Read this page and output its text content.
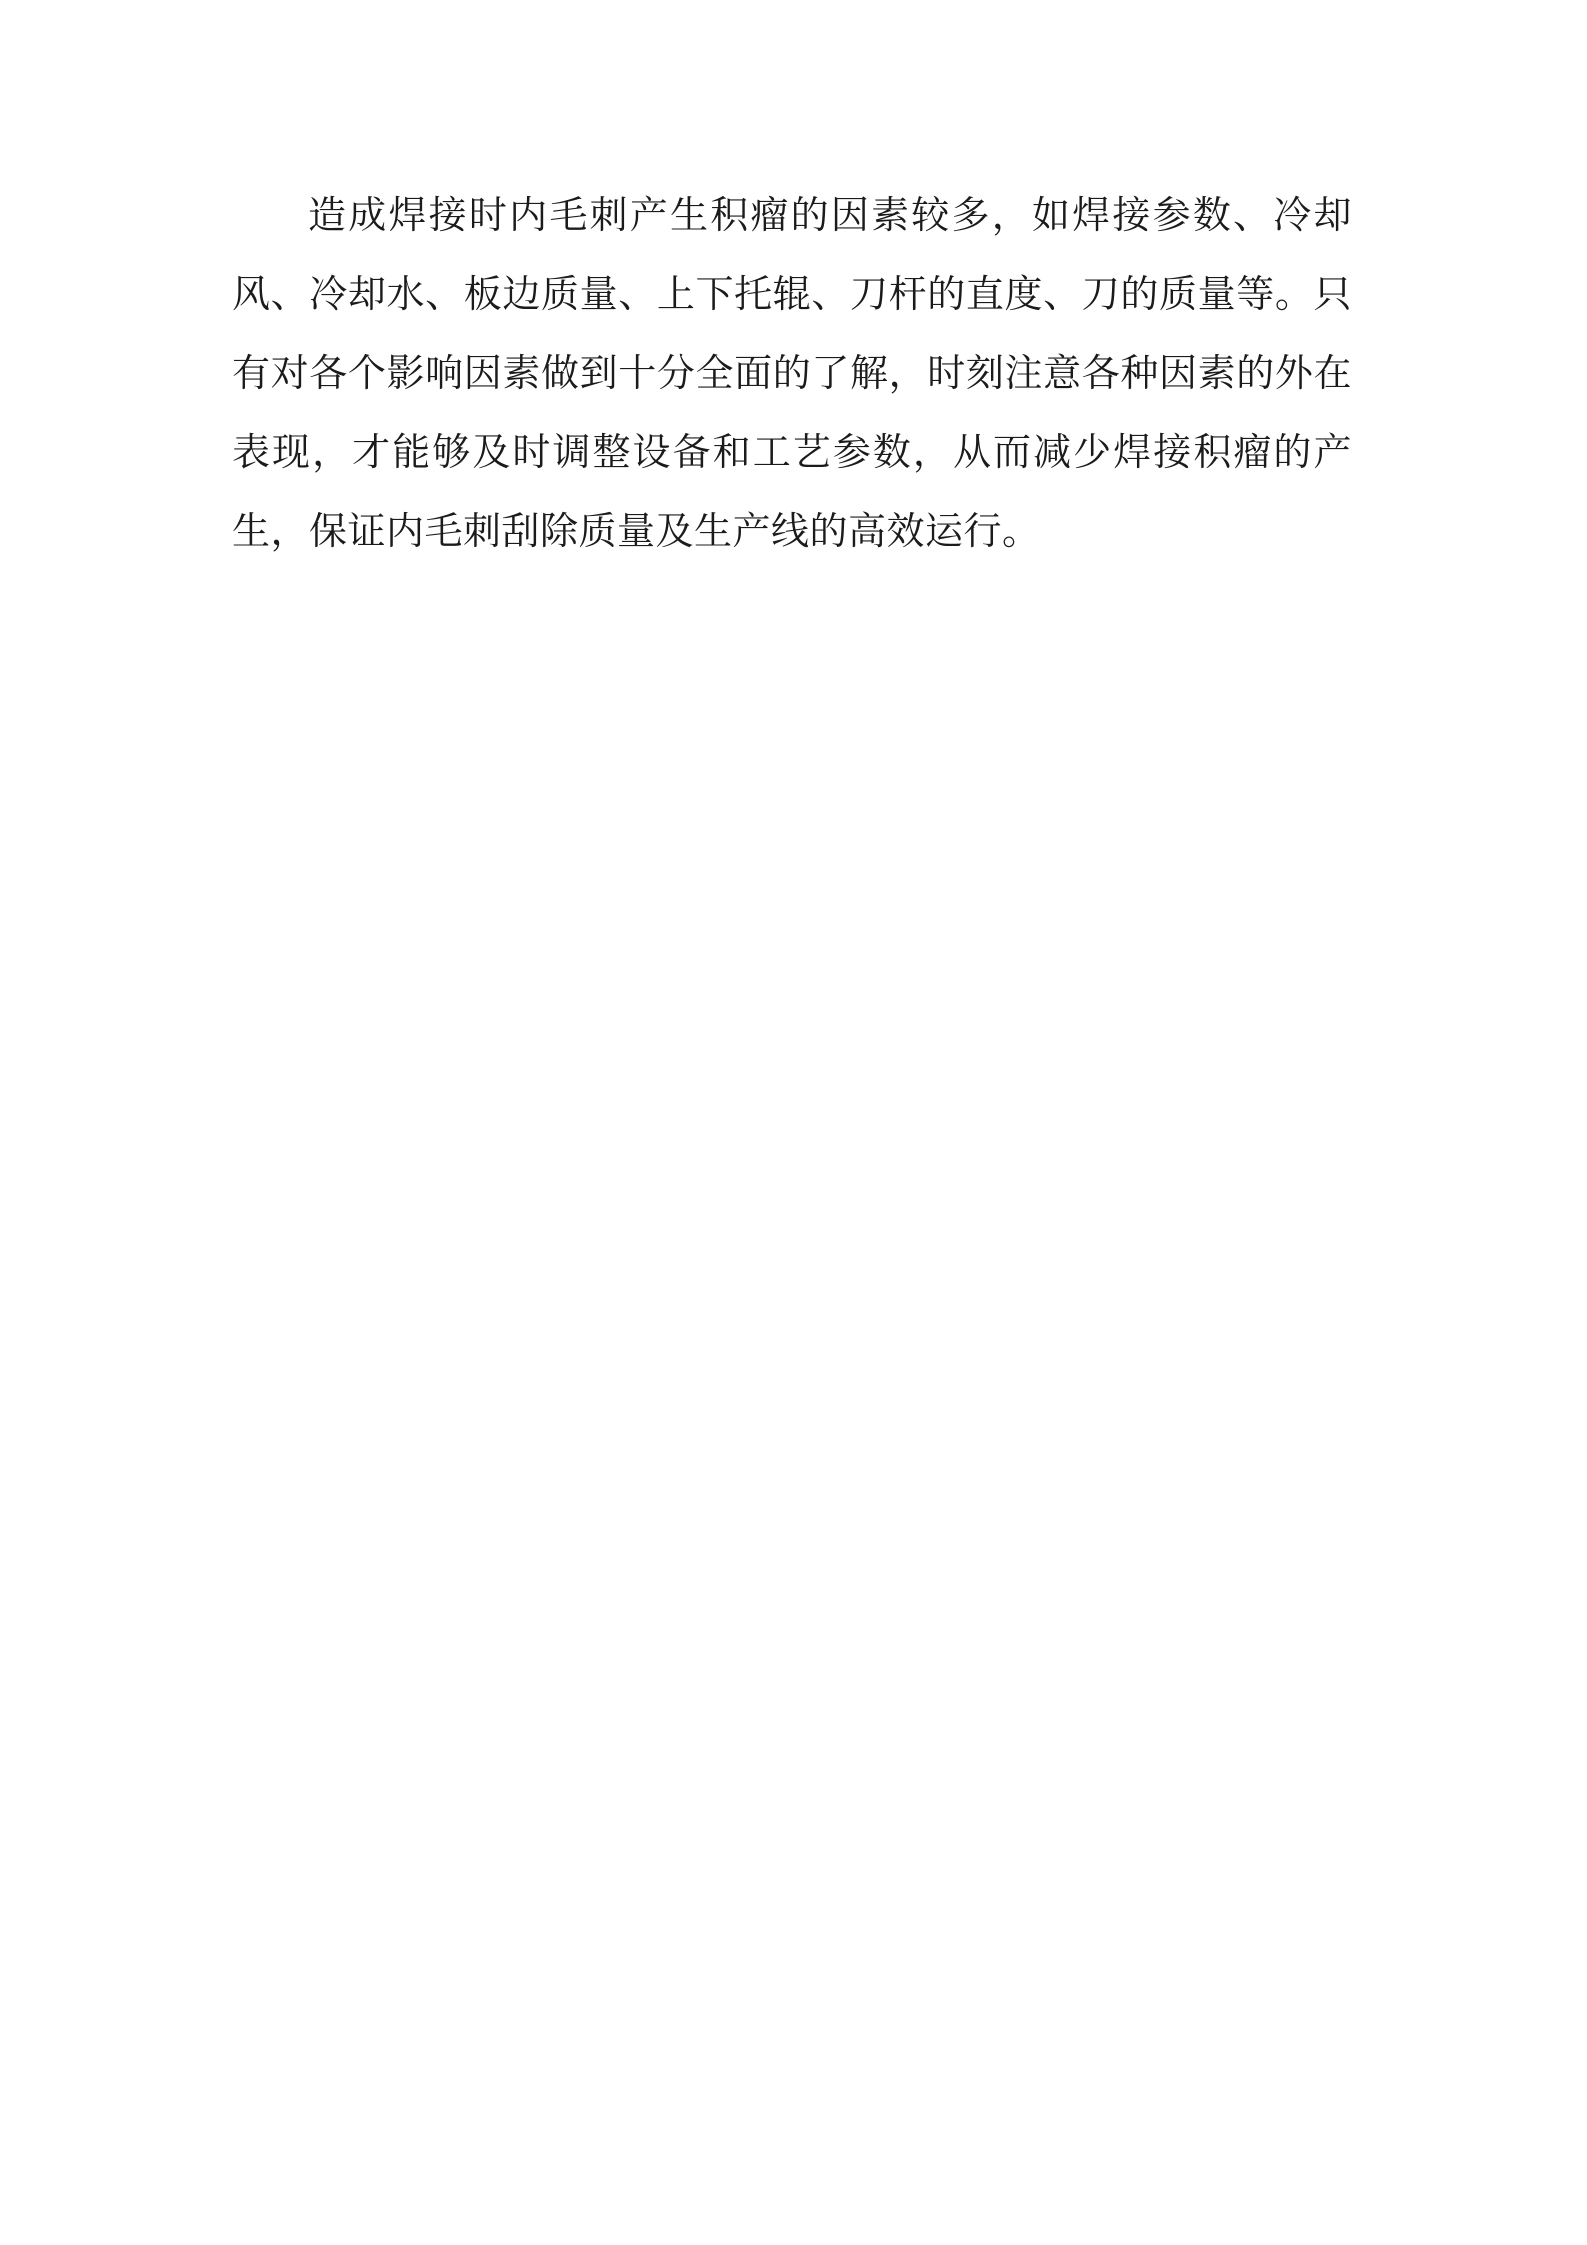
造成焊接时内毛刺产生积瘤的因素较多，如焊接参数、冷却风、冷却水、板边质量、上下托辊、刀杆的直度、刀的质量等。只有对各个影响因素做到十分全面的了解，时刻注意各种因素的外在表现，才能够及时调整设备和工艺参数，从而减少焊接积瘤的产生，保证内毛刺刮除质量及生产线的高效运行。
